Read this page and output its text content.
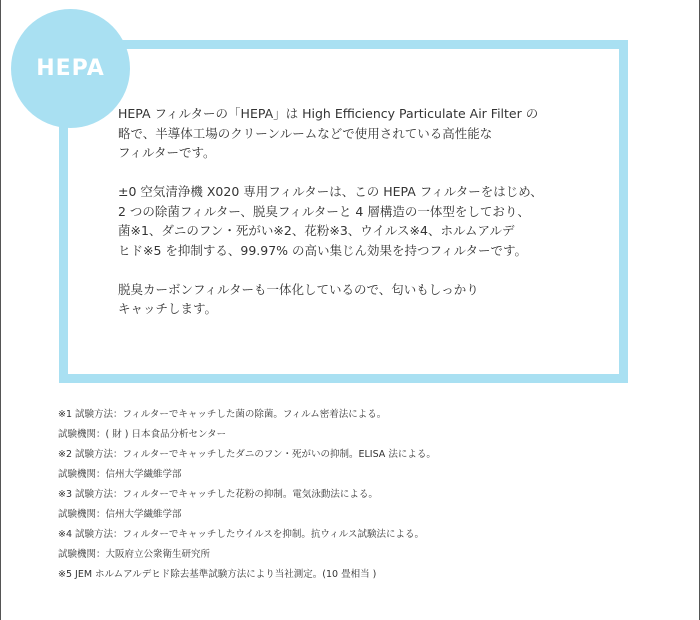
HEPA

HEPA フィルターの「HEPA」は High Efficiency Particulate Air Filter の
略で、半導体工場のクリーンルームなどで使用されている高性能な
フィルターです。

±0 空気清浄機 X020 専用フィルターは、この HEPA フィルターをはじめ、
2 つの除菌フィルター、脱臭フィルターと 4 層構造の一体型をしており、
菌※1、ダニのフン・死がい※2、花粉※3、ウイルス※4、ホルムアルデ
ヒド※5 を抑制する、99.97% の高い集じん効果を持つフィルターです。

脱臭カーボンフィルターも一体化しているので、匂いもしっかり
キャッチします。

※1 試験方法：フィルターでキャッチした菌の除菌。フィルム密着法による。
試験機関：( 財 ) 日本食品分析センター
※2 試験方法：フィルターでキャッチしたダニのフン・死がいの抑制。ELISA 法による。
試験機関：信州大学繊維学部
※3 試験方法：フィルターでキャッチした花粉の抑制。電気泳動法による。
試験機関：信州大学繊維学部
※4 試験方法：フィルターでキャッチしたウイルスを抑制。抗ウィルス試験法による。
試験機関：大阪府立公衆衛生研究所
※5 JEM ホルムアルデヒド除去基準試験方法により当社測定。(10 畳相当 )
